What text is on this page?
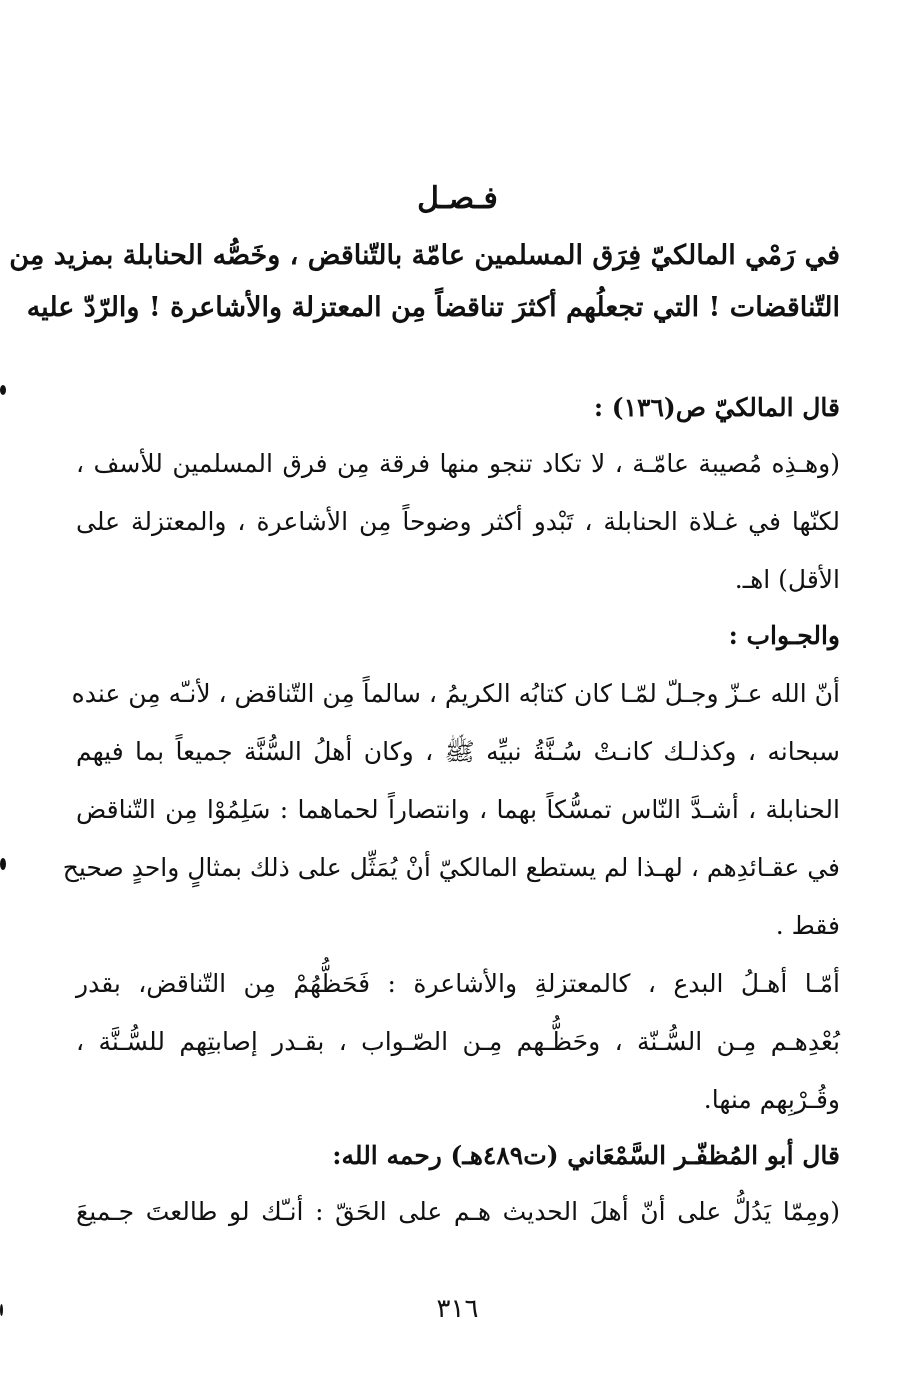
فـصـل

في رَمْي المالكيّ فِرَق المسلمين عامّة بالتّناقض ، وخَصُّه الحنابلة بمزيد مِن

التّناقضات ! التي تجعلُهم أكثرَ تناقضاً مِن المعتزلة والأشاعرة ! والرّدّ عليه

قال المالكيّ ص(١٣٦) :

(وهـذِه مُصيبة عامّـة ، لا تكاد تنجو منها فرقة مِن فرق المسلمين للأسف ،

لكنّها في غـلاة الحنابلة ، تَبْدو أكثر وضوحاً مِن الأشاعرة ، والمعتزلة على

الأقل) اهـ.

والجـواب :

أنّ الله عـزّ وجـلّ لمّـا كان كتابُه الكريمُ ، سالماً مِن التّناقض ، لأنـّه مِن عنده

سبحانه ، وكذلـك كانـتْ سُـنَّةُ نبيِّه ﷺ ، وكان أهلُ السُّنَّة جميعاً بما فيهم

الحنابلة ، أشـدَّ النّاس تمسُّكاً بهما ، وانتصاراً لحماهما : سَلِمُوْا مِن التّناقض

في عقـائدِهم ، لهـذا لم يستطع المالكيّ أنْ يُمَثِّل على ذلك بمثالٍ واحدٍ صحيح

فقط .

أمّـا أهـلُ البدع ، كالمعتزلةِ والأشاعرة : فَحَظُّهُمْ مِن التّناقض، بقدر

بُعْدِهـم مِـن السُّـنّة ، وحَظُّـهم مِـن الصّـواب ، بقـدر إصابتِهم للسُّـنَّة ،

وقُـرْبِهم منها.

قال أبو المُظفّـر السَّمْعَاني (ت٤٨٩هـ) رحمه الله:

(ومِمّا يَدُلُّ على أنّ أهلَ الحديث هـم على الحَقّ : أنـّك لو طالعتَ جـميعَ

٣١٦
